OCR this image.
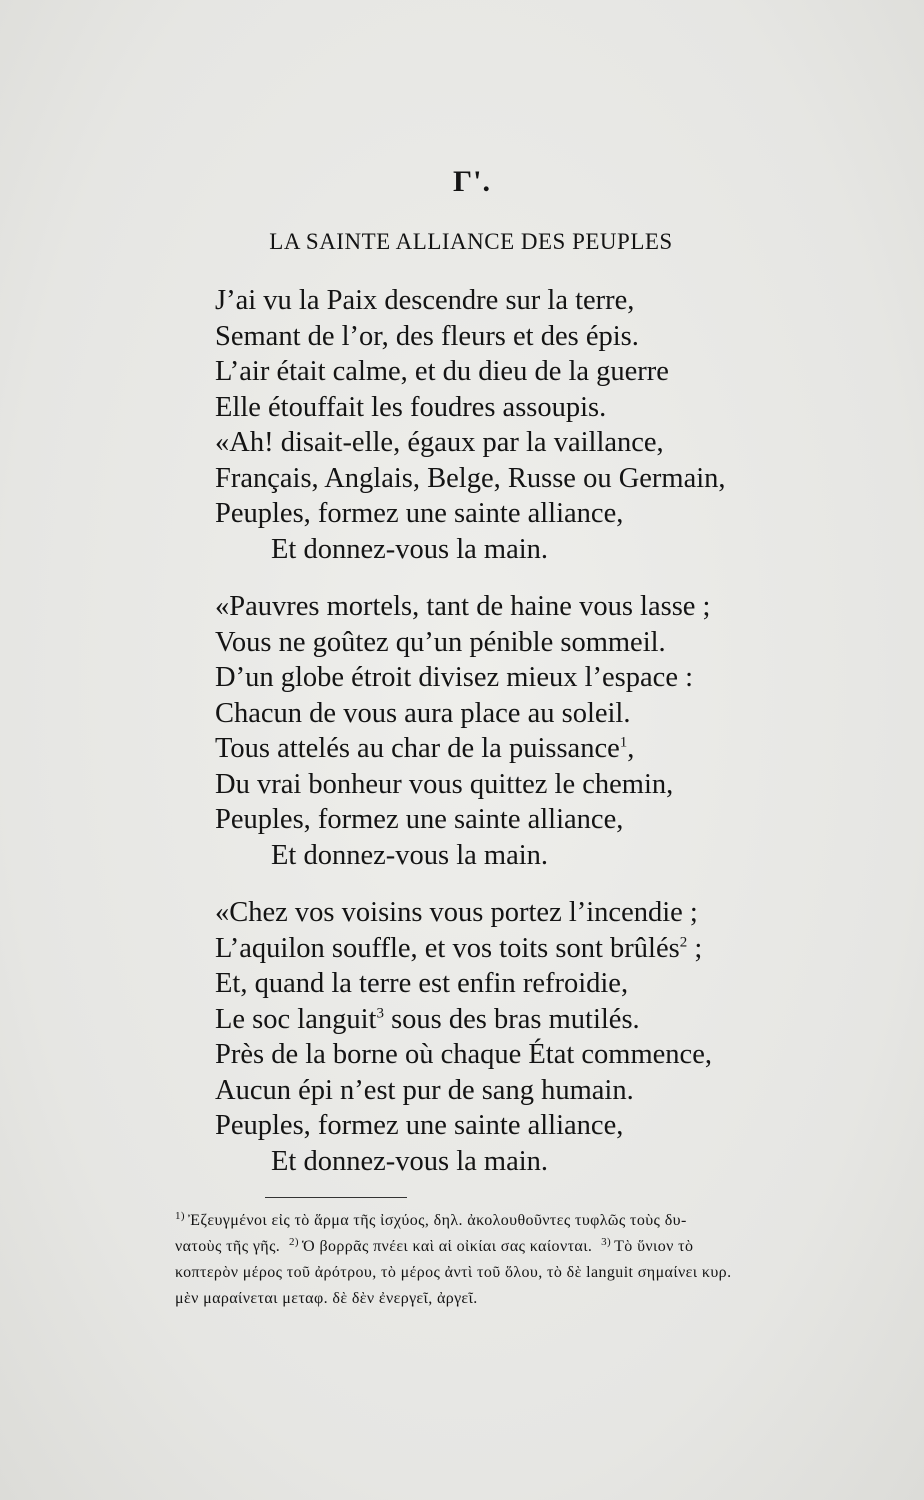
Γ'.
LA SAINTE ALLIANCE DES PEUPLES
J’ai vu la Paix descendre sur la terre,
Semant de l’or, des fleurs et des épis.
L’air était calme, et du dieu de la guerre
Elle étouffait les foudres assoupis.
«Ah! disait-elle, égaux par la vaillance,
Français, Anglais, Belge, Russe ou Germain,
Peuples, formez une sainte alliance,
Et donnez-vous la main.
«Pauvres mortels, tant de haine vous lasse ;
Vous ne goûtez qu’un pénible sommeil.
D’un globe étroit divisez mieux l’espace :
Chacun de vous aura place au soleil.
Tous attelés au char de la puissance$^1$,
Du vrai bonheur vous quittez le chemin,
Peuples, formez une sainte alliance,
Et donnez-vous la main.
«Chez vos voisins vous portez l’incendie ;
L’aquilon souffle, et vos toits sont brûlés$^2$ ;
Et, quand la terre est enfin refroidie,
Le soc languit$^3$ sous des bras mutilés.
Près de la borne où chaque État commence,
Aucun épi n’est pur de sang humain.
Peuples, formez une sainte alliance,
Et donnez-vous la main.
$^{1)}$ Ἐζευγμένοι εἰς τὸ ἅρμα τῆς ἰσχύος, δηλ. ἀκολουθοῦντες τυφλῶς τοὺς δυ-
νατοὺς τῆς γῆς. $^{2)}$ Ὁ βορρᾶς πνέει καὶ αἱ οἰκίαι σας καίονται. $^{3)}$ Τὸ ὕνιον τὸ
κοπτερὸν μέρος τοῦ ἀρότρου, τὸ μέρος ἀντὶ τοῦ ὅλου, τὸ δὲ languit σημαίνει κυρ.
μὲν μαραίνεται μεταφ. δὲ δὲν ἐνεργεῖ, ἀργεῖ.
